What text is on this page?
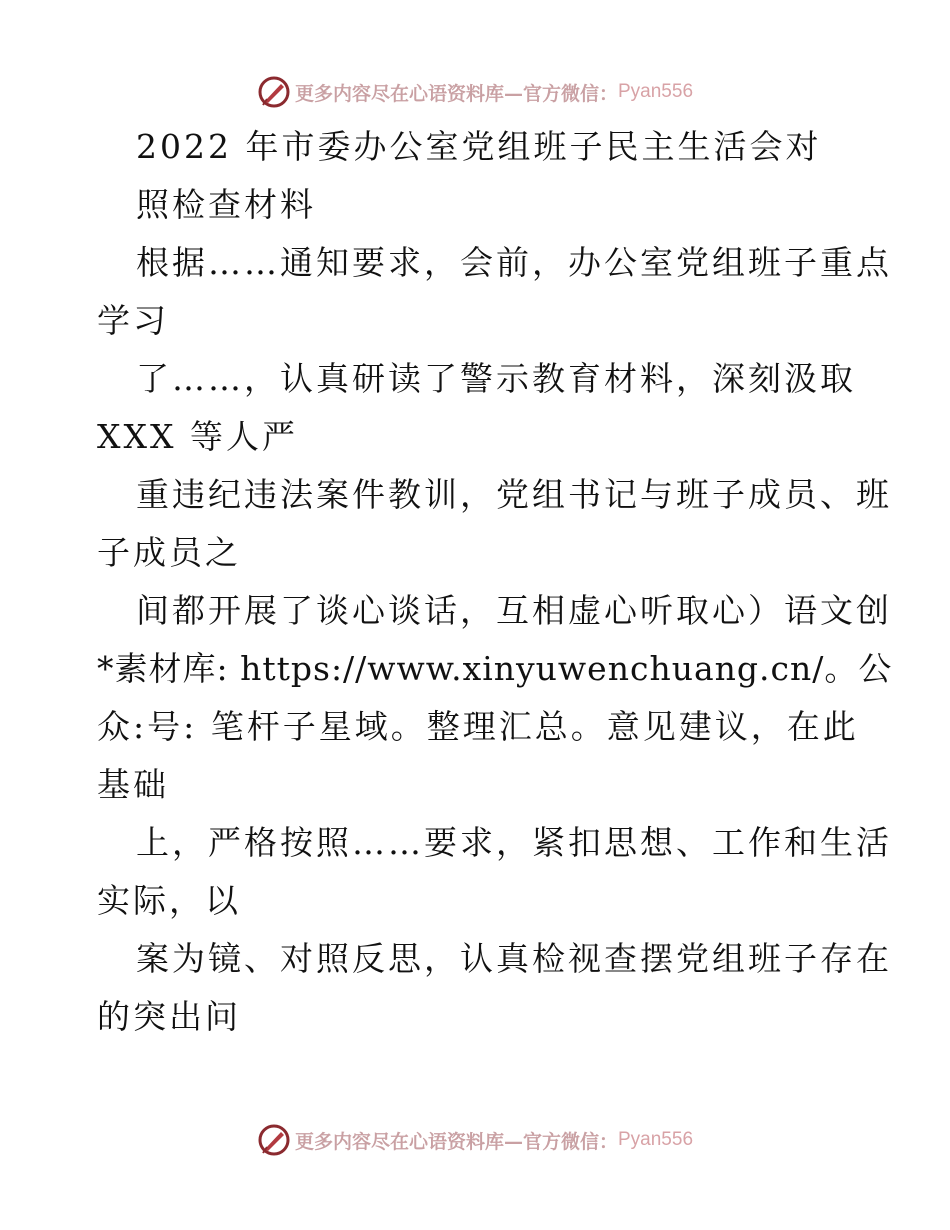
更多内容尽在心语资料库—官方微信： Pyan556
2022 年市委办公室党组班子民主生活会对
照检查材料
根据……通知要求，会前，办公室党组班子重点
学习
了……，认真研读了警示教育材料，深刻汲取
XXX 等人严
重违纪违法案件教训，党组书记与班子成员、班
子成员之
间都开展了谈心谈话，互相虚心听取心）语文创
*素材库: https://www.xinyuwenchuang.cn/。公
众:号: 笔杆子星域。整理汇总。意见建议，在此
基础
上，严格按照……要求，紧扣思想、工作和生活
实际，以
案为镜、对照反思，认真检视查摆党组班子存在
的突出问
更多内容尽在心语资料库—官方微信： Pyan556
